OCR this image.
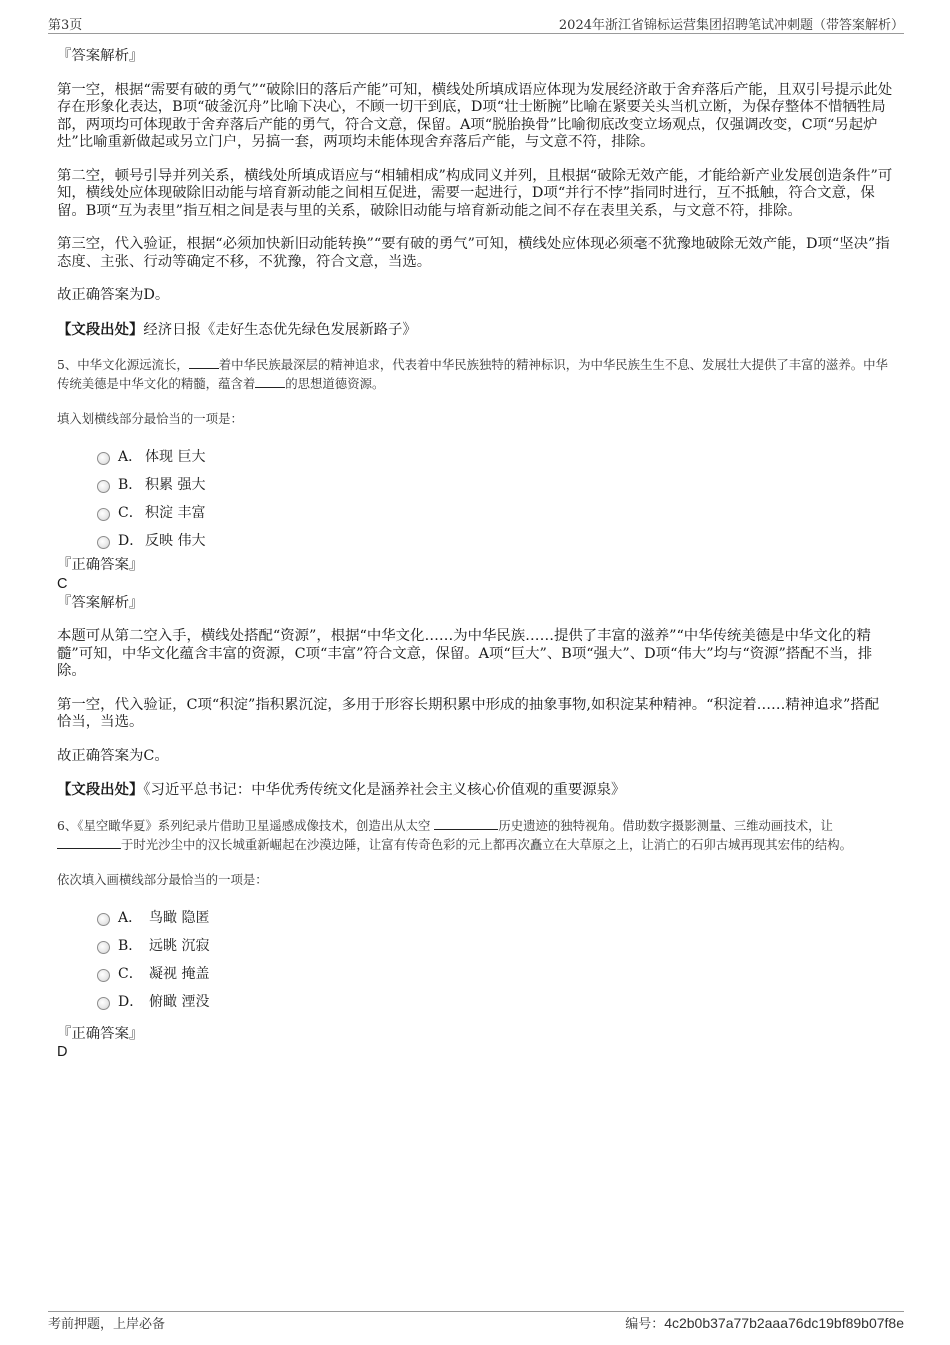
第3页	2024年浙江省锦标运营集团招聘笔试冲刺题（带答案解析）

『答案解析』

第一空，根据“需要有破的勇气”“破除旧的落后产能”可知，横线处所填成语应体现为发展经济敢于舍弃落后产能，且双引号提示此处存在形象化表达，B项“破釜沉舟”比喻下决心，不顾一切干到底，D项“壮士断腕”比喻在紧要关头当机立断，为保存整体不惜牺牲局部，两项均可体现敢于舍弃落后产能的勇气，符合文意，保留。A项“脱胎换骨”比喻彻底改变立场观点，仅强调改变，C项“另起炉灶”比喻重新做起或另立门户，另搞一套，两项均未能体现舍弃落后产能，与文意不符，排除。

第二空，顿号引导并列关系，横线处所填成语应与“相辅相成”构成同义并列，且根据“破除无效产能，才能给新产业发展创造条件”可知，横线处应体现破除旧动能与培育新动能之间相互促进，需要一起进行，D项“并行不悖”指同时进行，互不抵触，符合文意，保留。B项“互为表里”指互相之间是表与里的关系，破除旧动能与培育新动能之间不存在表里关系，与文意不符，排除。

第三空，代入验证，根据“必须加快新旧动能转换”“要有破的勇气”可知，横线处应体现必须毫不犹豫地破除无效产能，D项“坚决”指态度、主张、行动等确定不移，不犹豫，符合文意，当选。

故正确答案为D。

【文段出处】经济日报《走好生态优先绿色发展新路子》

5、中华文化源远流长， 着中华民族最深层的精神追求，代表着中华民族独特的精神标识，为中华民族生生不息、发展壮大提供了丰富的滋养。中华传统美德是中华文化的精髓，蕴含着 的思想道德资源。

填入划横线部分最恰当的一项是：

A． 体现 巨大
B． 积累 强大
C． 积淀 丰富
D． 反映 伟大

『正确答案』

C

『答案解析』

本题可从第二空入手，横线处搭配“资源”，根据“中华文化……为中华民族……提供了丰富的滋养”“中华传统美德是中华文化的精髓”可知，中华文化蕴含丰富的资源，C项“丰富”符合文意，保留。A项“巨大”、B项“强大”、D项“伟大”均与“资源”搭配不当，排除。

第一空，代入验证，C项“积淀”指积累沉淀，多用于形容长期积累中形成的抽象事物,如积淀某种精神。“积淀着……精神追求”搭配恰当，当选。

故正确答案为C。

【文段出处】《习近平总书记：中华优秀传统文化是涵养社会主义核心价值观的重要源泉》

6、《星空瞰华夏》系列纪录片借助卫星遥感成像技术，创造出从太空	历史遗迹的独特视角。借助数字摄影测量、三维动画技术，让于时光沙尘中的汉长城重新崛起在沙漠边陲，让富有传奇色彩的元上都再次矗立在大草原之上，让消亡的石卯古城再现其宏伟的结构。

依次填入画横线部分最恰当的一项是：

A． 鸟瞰 隐匿
B． 远眺 沉寂
C． 凝视 掩盖
D． 俯瞰 湮没

『正确答案』

D

考前押题，上岸必备	编号：4c2b0b37a77b2aaa76dc19bf89b07f8e
